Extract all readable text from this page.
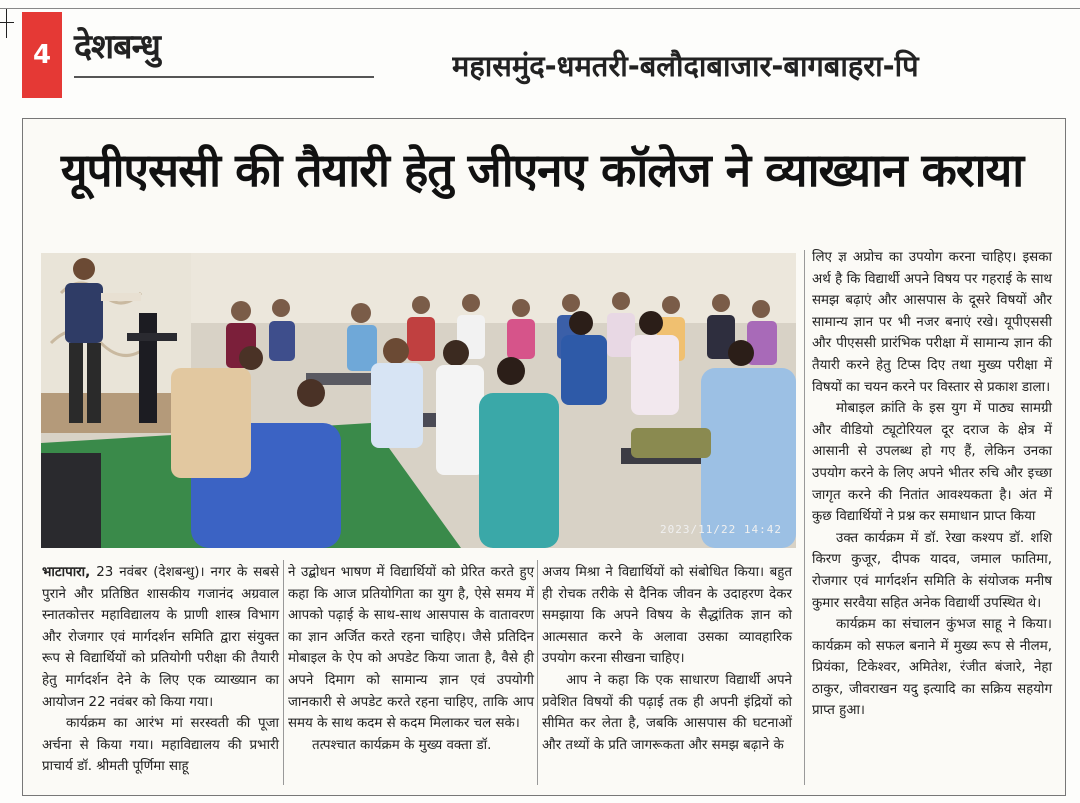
4 देशबन्धु	महासमुंद-धमतरी-बलौदाबाजार-बागबाहरा-पि
यूपीएससी की तैयारी हेतु जीएनए कॉलेज ने व्याख्यान कराया
2023/11/22 14:42

भाटापारा, 23 नवंबर (देशबन्धु)। नगर के सबसे पुराने और प्रतिष्ठित शासकीय गजानंद अग्रवाल स्नातकोत्तर महाविद्यालय के प्राणी शास्त्र विभाग और रोजगार एवं मार्गदर्शन समिति द्वारा संयुक्त रूप से विद्यार्थियों को प्रतियोगी परीक्षा की तैयारी हेतु मार्गदर्शन देने के लिए एक व्याख्यान का आयोजन 22 नवंबर को किया गया।

कार्यक्रम का आरंभ मां सरस्वती की पूजा अर्चना से किया गया। महाविद्यालय की प्रभारी प्राचार्य डॉ. श्रीमती पूर्णिमा साहू

ने उद्बोधन भाषण में विद्यार्थियों को प्रेरित करते हुए कहा कि आज प्रतियोगिता का युग है, ऐसे समय में आपको पढ़ाई के साथ-साथ आसपास के वातावरण का ज्ञान अर्जित करते रहना चाहिए। जैसे प्रतिदिन मोबाइल के ऐप को अपडेट किया जाता है, वैसे ही अपने दिमाग को सामान्य ज्ञान एवं उपयोगी जानकारी से अपडेट करते रहना चाहिए, ताकि आप समय के साथ कदम से कदम मिलाकर चल सके।

तत्पश्चात कार्यक्रम के मुख्य वक्ता डॉ.

अजय मिश्रा ने विद्यार्थियों को संबोधित किया। बहुत ही रोचक तरीके से दैनिक जीवन के उदाहरण देकर समझाया कि अपने विषय के सैद्धांतिक ज्ञान को आत्मसात करने के अलावा उसका व्यावहारिक उपयोग करना सीखना चाहिए।

आप ने कहा कि एक साधारण विद्यार्थी अपने प्रवेशित विषयों की पढ़ाई तक ही अपनी इंद्रियों को सीमित कर लेता है, जबकि आसपास की घटनाओं और तथ्यों के प्रति जागरूकता और समझ बढ़ाने के

लिए ज्ञ अप्रोच का उपयोग करना चाहिए। इसका अर्थ है कि विद्यार्थी अपने विषय पर गहराई के साथ समझ बढ़ाएं और आसपास के दूसरे विषयों और सामान्य ज्ञान पर भी नजर बनाएं रखे। यूपीएससी और पीएससी प्रारंभिक परीक्षा में सामान्य ज्ञान की तैयारी करने हेतु टिप्स दिए तथा मुख्य परीक्षा में विषयों का चयन करने पर विस्तार से प्रकाश डाला।

मोबाइल क्रांति के इस युग में पाठ्य सामग्री और वीडियो ट्यूटोरियल दूर दराज के क्षेत्र में आसानी से उपलब्ध हो गए हैं, लेकिन उनका उपयोग करने के लिए अपने भीतर रुचि और इच्छा जागृत करने की नितांत आवश्यकता है। अंत में कुछ विद्यार्थियों ने प्रश्न कर समाधान प्राप्त किया

उक्त कार्यक्रम में डॉ. रेखा कश्यप डॉ. शशि किरण कुजूर, दीपक यादव, जमाल फातिमा, रोजगार एवं मार्गदर्शन समिति के संयोजक मनीष कुमार सरवैया सहित अनेक विद्यार्थी उपस्थित थे।

कार्यक्रम का संचालन कुंभज साहू ने किया। कार्यक्रम को सफल बनाने में मुख्य रूप से नीलम, प्रियंका, टिकेश्वर, अमितेश, रंजीत बंजारे, नेहा ठाकुर, जीवराखन यदु इत्यादि का सक्रिय सहयोग प्राप्त हुआ।
